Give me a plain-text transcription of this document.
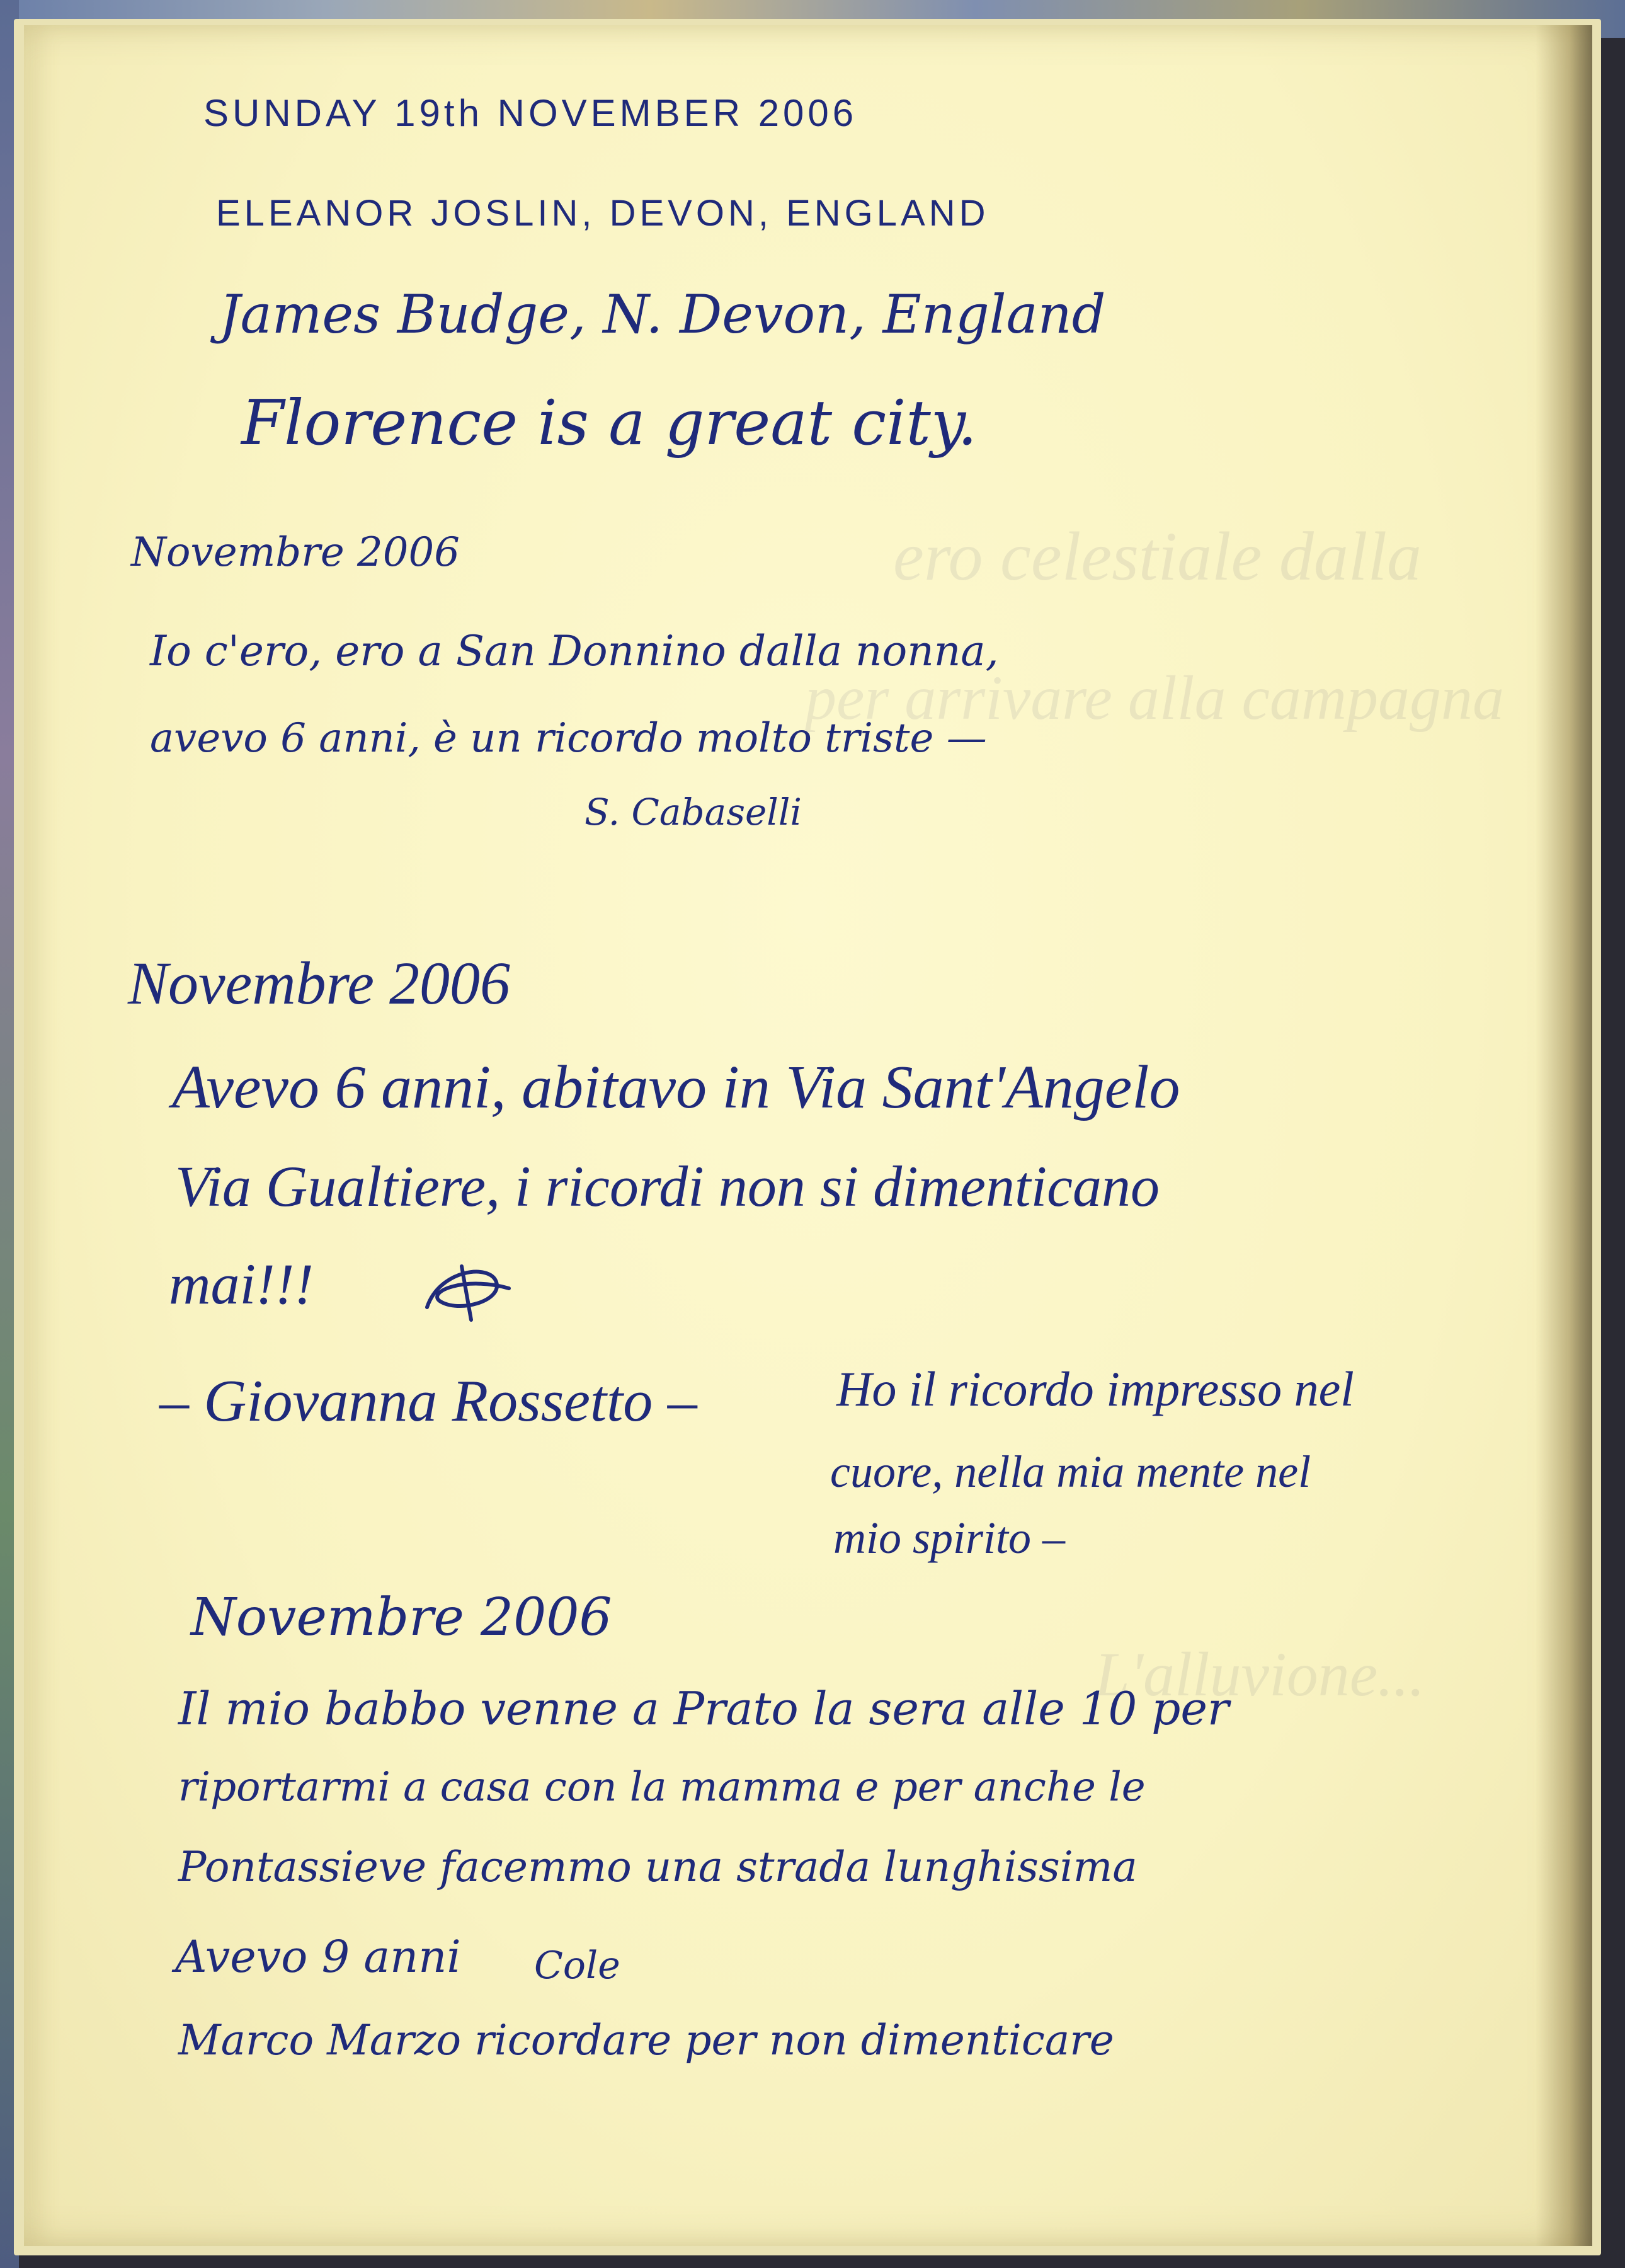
ero celestiale dalla
per arrivare alla campagna
L'alluvione...
SUNDAY 19th NOVEMBER 2006
ELEANOR JOSLIN, DEVON, ENGLAND
James Budge, N. Devon, England
Florence is a great city.
Novembre 2006
Io c'ero, ero a San Donnino dalla nonna,
avevo 6 anni, è un ricordo molto triste —
S. Cabaselli
Novembre 2006
Avevo 6 anni, abitavo in Via Sant'Angelo
Via Gualtiere, i ricordi non si dimenticano
mai!!!
– Giovanna Rossetto –	Ho il ricordo impresso nel
cuore, nella mia mente nel
mio spirito –
Novembre 2006
Il mio babbo venne a Prato la sera alle 10 per
riportarmi a casa con la mamma e per anche le
Pontassieve facemmo una strada lunghissima
Avevo 9 anni Cole
Marco Marzo ricordare per non dimenticare
